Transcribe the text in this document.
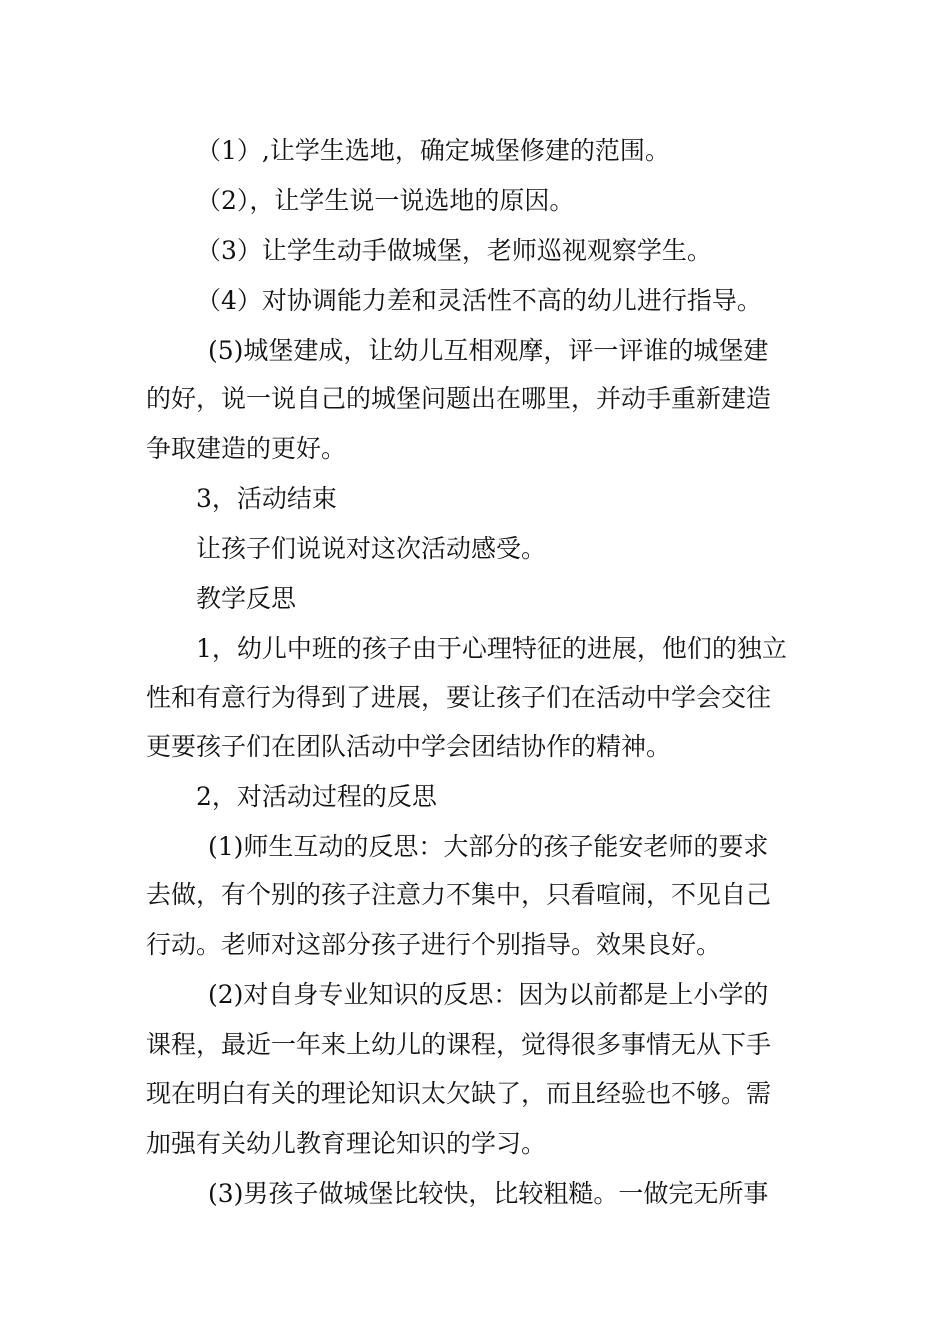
（1）,让学生选地，确定城堡修建的范围。

（2），让学生说一说选地的原因。

（3）让学生动手做城堡，老师巡视观察学生。

（4）对协调能力差和灵活性不高的幼儿进行指导。

(5)城堡建成，让幼儿互相观摩，评一评谁的城堡建

的好，说一说自己的城堡问题出在哪里，并动手重新建造

争取建造的更好。

3，活动结束

让孩子们说说对这次活动感受。

教学反思

1，幼儿中班的孩子由于心理特征的进展，他们的独立

性和有意行为得到了进展，要让孩子们在活动中学会交往

更要孩子们在团队活动中学会团结协作的精神。

2，对活动过程的反思

(1)师生互动的反思：大部分的孩子能安老师的要求

去做，有个别的孩子注意力不集中，只看喧闹，不见自己

行动。老师对这部分孩子进行个别指导。效果良好。

(2)对自身专业知识的反思：因为以前都是上小学的

课程，最近一年来上幼儿的课程，觉得很多事情无从下手

现在明白有关的理论知识太欠缺了，而且经验也不够。需

加强有关幼儿教育理论知识的学习。

(3)男孩子做城堡比较快，比较粗糙。一做完无所事
